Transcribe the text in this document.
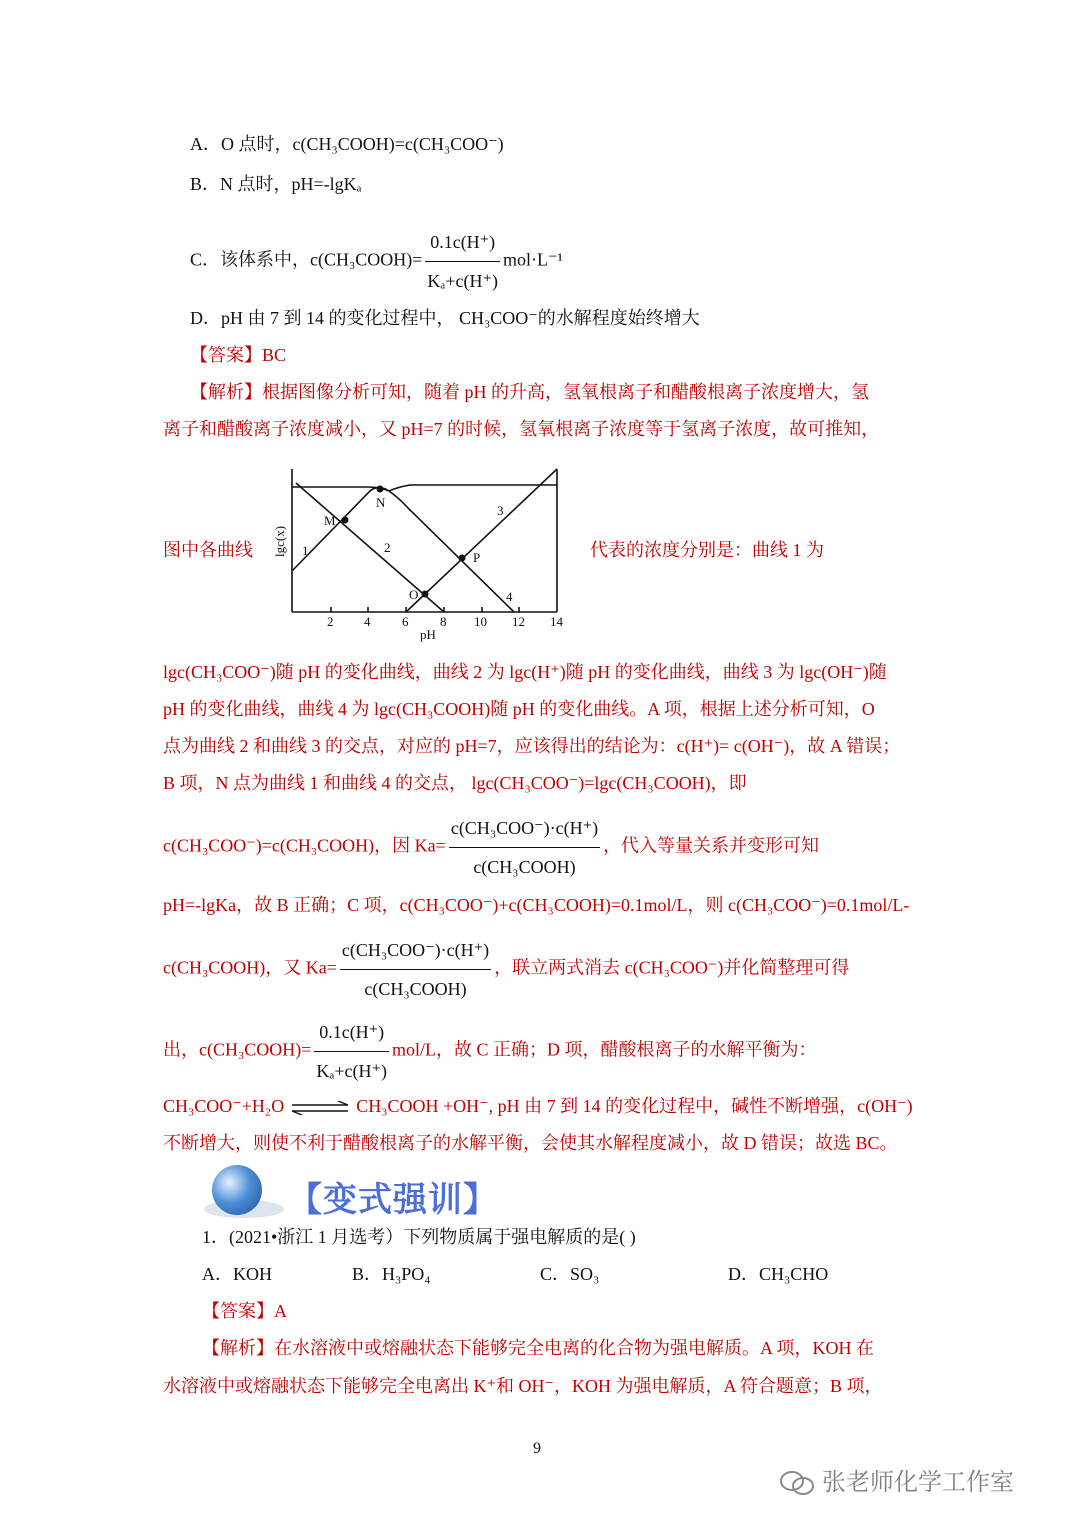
A．O 点时，c(CH₃COOH)=c(CH₃COO⁻)
B．N 点时，pH=-lgKₐ
C．该体系中，c(CH₃COOH)= $\frac{0.1c(H^+)}{\text{Kₐ+c(H⁺)}} mol\cdot L^{-1}$
D．pH 由 7 到 14 的变化过程中， CH₃COO⁻的水解程度始终增大
【答案】BC
【解析】根据图像分析可知，随着 pH 的升高，氢氧根离子和醋酸根离子浓度增大，氢
离子和醋酸离子浓度减小，又 pH=7 的时候，氢氧根离子浓度等于氢离子浓度，故可推知，
图中各曲线	代表的浓度分别是：曲线 1 为
M
N
O
P
1	2
3
4
2 4 6 8 10 12 14
pH
lgc(x)
lgc(CH₃COO⁻)随 pH 的变化曲线，曲线 2 为 lgc(H⁺)随 pH 的变化曲线，曲线 3 为 lgc(OH⁻)随
pH 的变化曲线，曲线 4 为 lgc(CH₃COOH)随 pH 的变化曲线。A 项，根据上述分析可知，O
点为曲线 2 和曲线 3 的交点，对应的 pH=7，应该得出的结论为：c(H⁺)= c(OH⁻)，故 A 错误；
B 项，N 点为曲线 1 和曲线 4 的交点， lgc(CH₃COO⁻)=lgc(CH₃COOH)，即
c(CH₃COO⁻)=c(CH₃COOH)，因 $Ka= \frac{\text{c(CH₃COO⁻)·c(H⁺)}}{\text{c(CH₃COOH)}}$ ，代入等量关系并变形可知
pH=-lgKa，故 B 正确；C 项，c(CH₃COO⁻)+c(CH₃COOH)=0.1mol/L，则 c(CH₃COO⁻)=0.1mol/L-
c(CH₃COOH)，又 $Ka= \frac{\text{c(CH₃COO⁻)·c(H⁺)}}{\text{c(CH₃COOH)}}$ ，联立两式消去 c(CH₃COO⁻)并化简整理可得
出，c(CH₃COOH)= $\frac{0.1c(H^+)}{\text{Kₐ+c(H⁺)}} mol/L$，故 C 正确；D 项，醋酸根离子的水解平衡为：
CH₃COO⁻+H₂O ⇌ CH₃COOH +OH⁻, pH 由 7 到 14 的变化过程中，碱性不断增强，c(OH⁻)
不断增大，则使不利于醋酸根离子的水解平衡，会使其水解程度减小，故 D 错误；故选 BC。
【变式强训】
1．(2021•浙江 1 月选考）下列物质属于强电解质的是( )
A．KOH	B．H₃PO₄	C．SO₃	D．CH₃CHO
【答案】A
【解析】在水溶液中或熔融状态下能够完全电离的化合物为强电解质。A 项，KOH 在
水溶液中或熔融状态下能够完全电离出 K⁺和 OH⁻，KOH 为强电解质，A 符合题意；B 项，
9
张老师化学工作室
